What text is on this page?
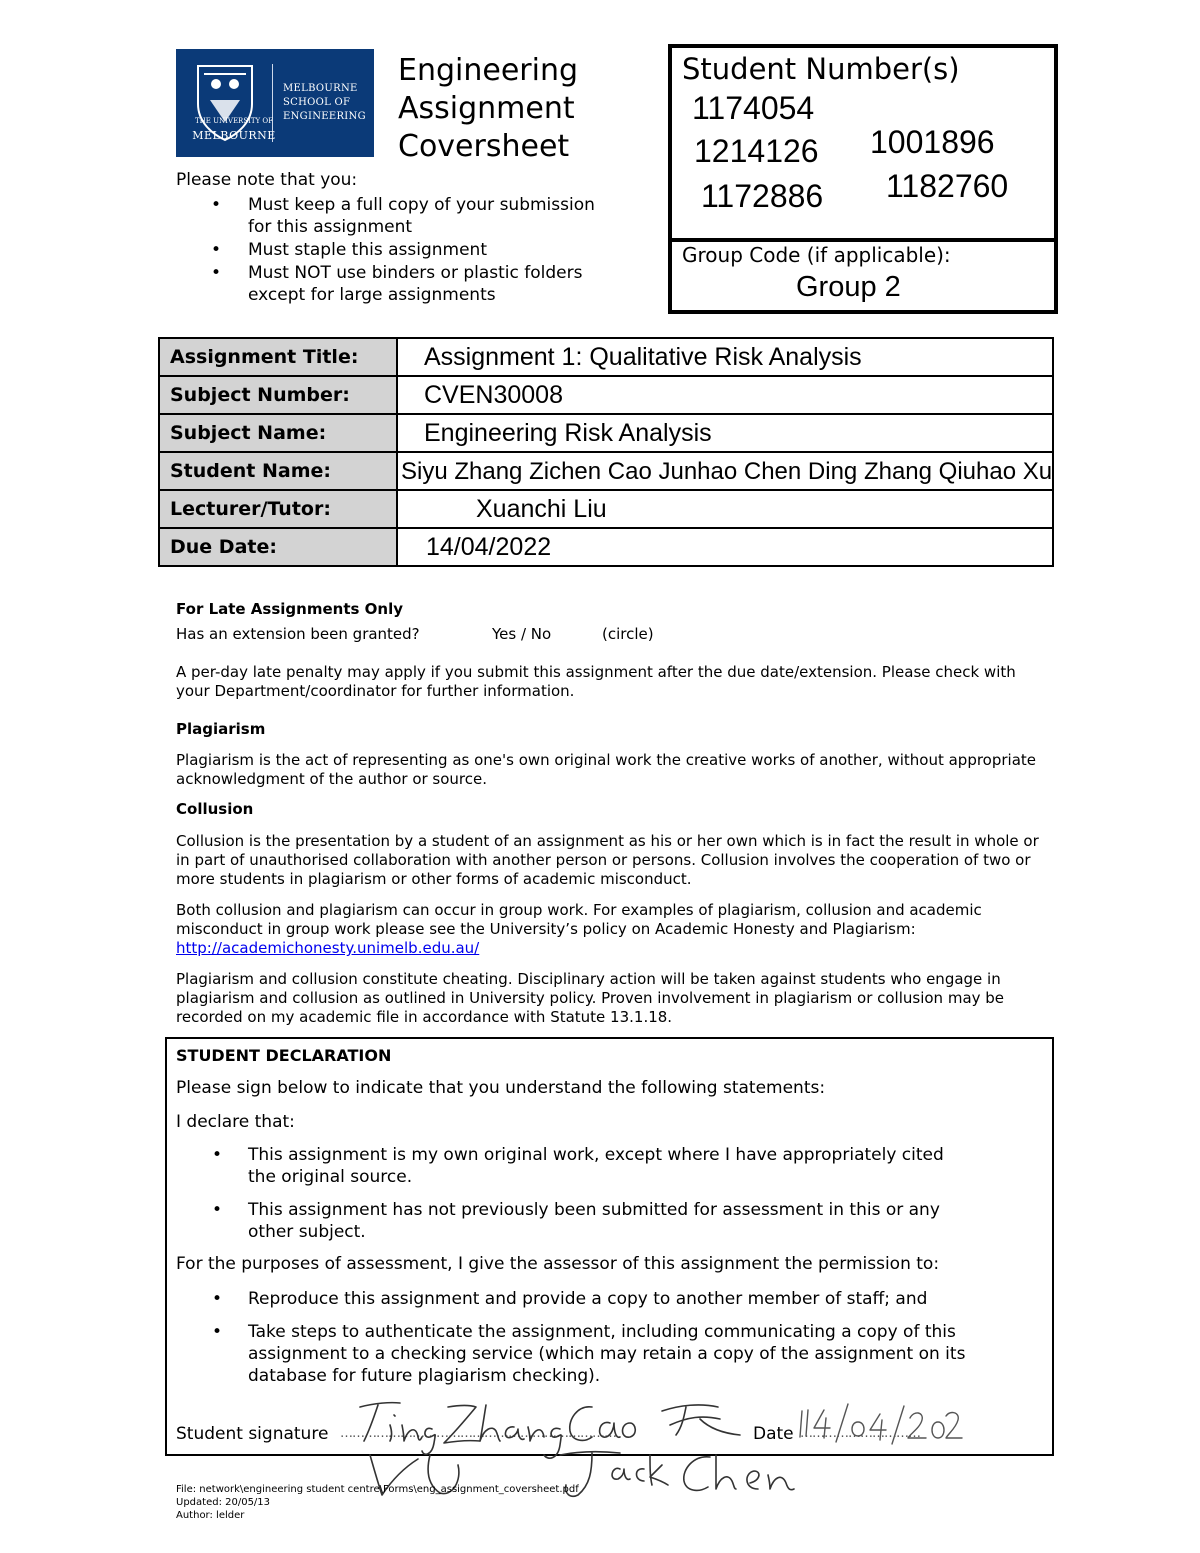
MELBOURNE
SCHOOL OF
ENGINEERING
THE UNIVERSITY OF
MELBOURNE
Engineering
Assignment
Coversheet
Please note that you:
• Must keep a full copy of your submission for this assignment
• Must staple this assignment
• Must NOT use binders or plastic folders except for large assignments
Student Number(s)
1174054
1214126
1172886
1001896
1182760
Group Code (if applicable):
Group 2
Assignment Title:	Assignment 1: Qualitative Risk Analysis
Subject Number:	CVEN30008
Subject Name:	Engineering Risk Analysis
Student Name:	Siyu Zhang Zichen Cao Junhao Chen Ding Zhang Qiuhao Xu
Lecturer/Tutor:	Xuanchi Liu
Due Date:	14/04/2022
For Late Assignments Only
Has an extension been granted?	Yes / No	(circle)
A per-day late penalty may apply if you submit this assignment after the due date/extension. Please check with your Department/coordinator for further information.
Plagiarism
Plagiarism is the act of representing as one's own original work the creative works of another, without appropriate acknowledgment of the author or source.
Collusion
Collusion is the presentation by a student of an assignment as his or her own which is in fact the result in whole or in part of unauthorised collaboration with another person or persons. Collusion involves the cooperation of two or more students in plagiarism or other forms of academic misconduct.
Both collusion and plagiarism can occur in group work. For examples of plagiarism, collusion and academic misconduct in group work please see the University’s policy on Academic Honesty and Plagiarism:
http://academichonesty.unimelb.edu.au/
Plagiarism and collusion constitute cheating. Disciplinary action will be taken against students who engage in plagiarism and collusion as outlined in University policy. Proven involvement in plagiarism or collusion may be recorded on my academic file in accordance with Statute 13.1.18.
STUDENT DECLARATION
Please sign below to indicate that you understand the following statements:
I declare that:
• This assignment is my own original work, except where I have appropriately cited the original source.
• This assignment has not previously been submitted for assessment in this or any other subject.
For the purposes of assessment, I give the assessor of this assignment the permission to:
• Reproduce this assignment and provide a copy to another member of staff; and
• Take steps to authenticate the assignment, including communicating a copy of this assignment to a checking service (which may retain a copy of the assignment on its database for future plagiarism checking).
Student signature ……………………………………………………………	Date …………………………
File: network\engineering student centre\Forms\eng_assignment_coversheet.pdf
Updated: 20/05/13
Author: lelder
